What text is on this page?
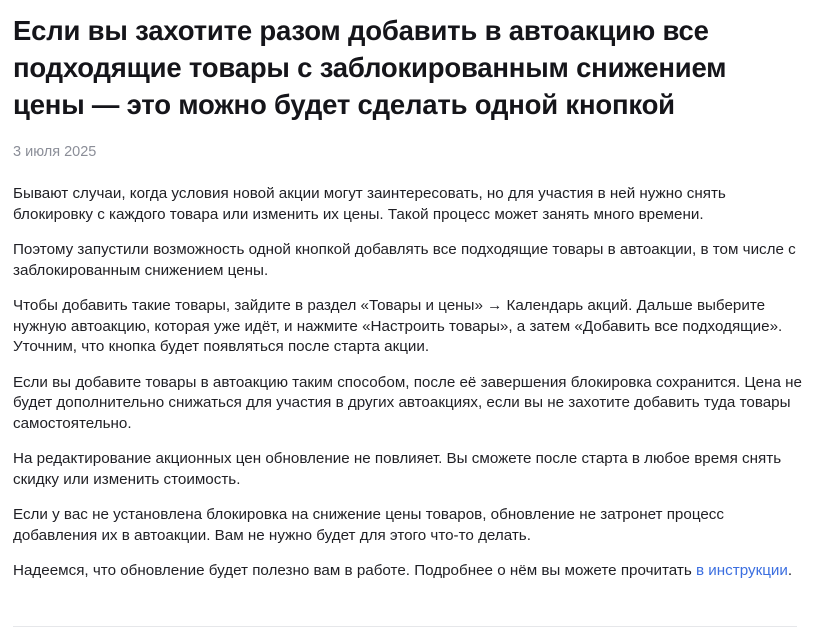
Если вы захотите разом добавить в автоакцию все подходящие товары с заблокированным снижением цены — это можно будет сделать одной кнопкой
3 июля 2025

Бывают случаи, когда условия новой акции могут заинтересовать, но для участия в ней нужно снять блокировку с каждого товара или изменить их цены. Такой процесс может занять много времени.

Поэтому запустили возможность одной кнопкой добавлять все подходящие товары в автоакции, в том числе с заблокированным снижением цены.

Чтобы добавить такие товары, зайдите в раздел «Товары и цены» → Календарь акций. Дальше выберите нужную автоакцию, которая уже идёт, и нажмите «Настроить товары», а затем «Добавить все подходящие». Уточним, что кнопка будет появляться после старта акции.

Если вы добавите товары в автоакцию таким способом, после её завершения блокировка сохранится. Цена не будет дополнительно снижаться для участия в других автоакциях, если вы не захотите добавить туда товары самостоятельно.

На редактирование акционных цен обновление не повлияет. Вы сможете после старта в любое время снять скидку или изменить стоимость.

Если у вас не установлена блокировка на снижение цены товаров, обновление не затронет процесс добавления их в автоакции. Вам не нужно будет для этого что-то делать.

Надеемся, что обновление будет полезно вам в работе. Подробнее о нём вы можете прочитать в инструкции.
